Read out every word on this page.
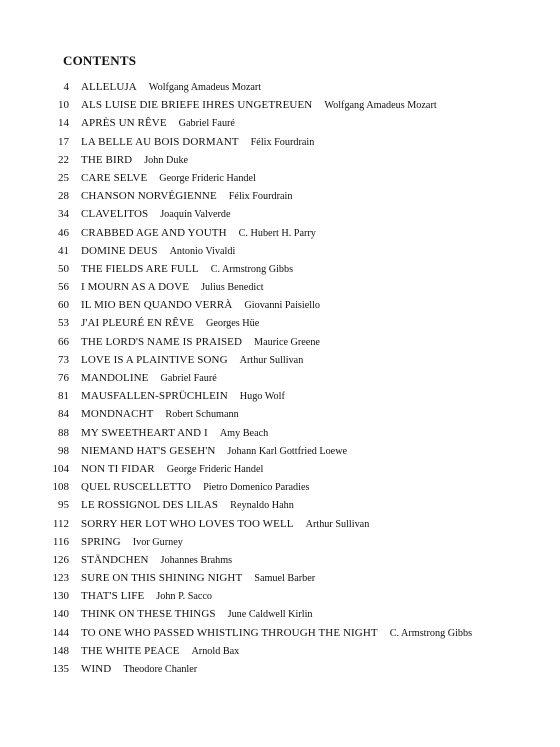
CONTENTS
4	ALLELUJA Wolfgang Amadeus Mozart
10	ALS LUISE DIE BRIEFE IHRES UNGETREUEN Wolfgang Amadeus Mozart
14	APRÈS UN RÊVE Gabriel Fauré
17	LA BELLE AU BOIS DORMANT Félix Fourdrain
22	THE BIRD John Duke
25	CARE SELVE George Frideric Handel
28	CHANSON NORVÉGIENNE Félix Fourdrain
34	CLAVELITOS Joaquín Valverde
46	CRABBED AGE AND YOUTH C. Hubert H. Parry
41	DOMINE DEUS Antonio Vivaldi
50	THE FIELDS ARE FULL C. Armstrong Gibbs
56	I MOURN AS A DOVE Julius Benedict
60	IL MIO BEN QUANDO VERRÀ Giovanni Paisiello
53	J'AI PLEURÉ EN RÊVE Georges Hüe
66	THE LORD'S NAME IS PRAISED Maurice Greene
73	LOVE IS A PLAINTIVE SONG Arthur Sullivan
76	MANDOLINE Gabriel Fauré
81	MAUSFALLEN-SPRÜCHLEIN Hugo Wolf
84	MONDNACHT Robert Schumann
88	MY SWEETHEART AND I Amy Beach
98	NIEMAND HAT'S GESEH'N Johann Karl Gottfried Loewe
104	NON TI FIDAR George Frideric Handel
108	QUEL RUSCELLETTO Pietro Domenico Paradies
95	LE ROSSIGNOL DES LILAS Reynaldo Hahn
112	SORRY HER LOT WHO LOVES TOO WELL Arthur Sullivan
116	SPRING Ivor Gurney
126	STÄNDCHEN Johannes Brahms
123	SURE ON THIS SHINING NIGHT Samuel Barber
130	THAT'S LIFE John P. Sacco
140	THINK ON THESE THINGS June Caldwell Kirlin
144	TO ONE WHO PASSED WHISTLING THROUGH THE NIGHT C. Armstrong Gibbs
148	THE WHITE PEACE Arnold Bax
135	WIND Theodore Chanler
